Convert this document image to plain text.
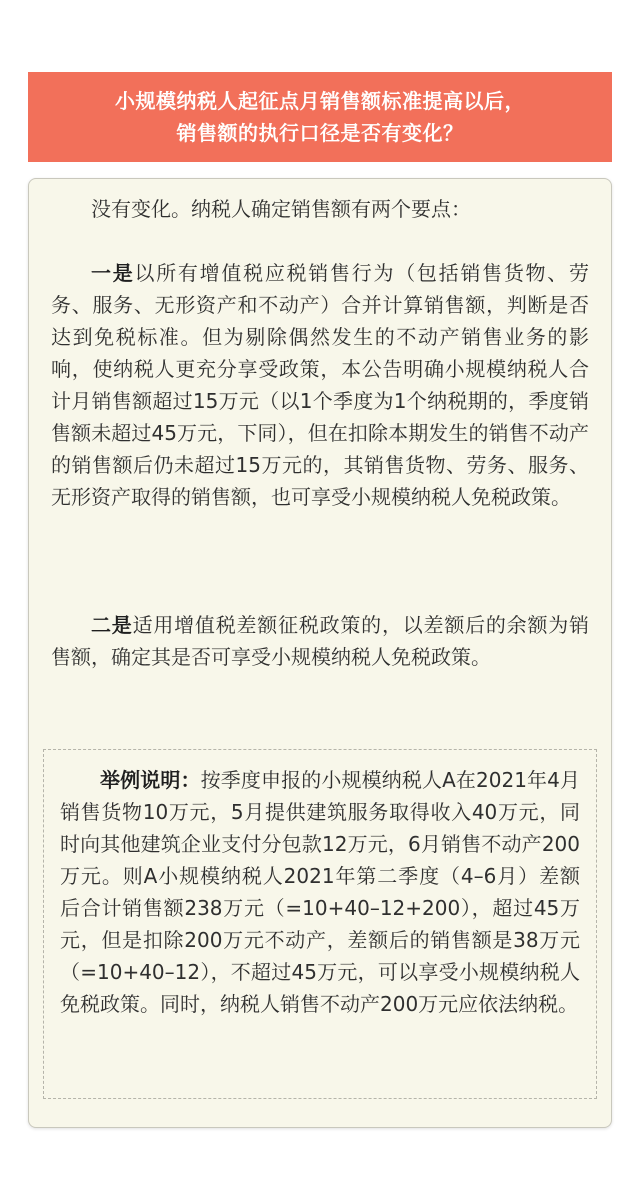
小规模纳税人起征点月销售额标准提高以后，
销售额的执行口径是否有变化？

没有变化。纳税人确定销售额有两个要点：

一是以所有增值税应税销售行为（包括销售货物、劳务、服务、无形资产和不动产）合并计算销售额，判断是否达到免税标准。但为剔除偶然发生的不动产销售业务的影响，使纳税人更充分享受政策，本公告明确小规模纳税人合计月销售额超过15万元（以1个季度为1个纳税期的，季度销售额未超过45万元，下同），但在扣除本期发生的销售不动产的销售额后仍未超过15万元的，其销售货物、劳务、服务、无形资产取得的销售额，也可享受小规模纳税人免税政策。

二是适用增值税差额征税政策的，以差额后的余额为销售额，确定其是否可享受小规模纳税人免税政策。

举例说明：按季度申报的小规模纳税人A在2021年4月销售货物10万元，5月提供建筑服务取得收入40万元，同时向其他建筑企业支付分包款12万元，6月销售不动产200万元。则A小规模纳税人2021年第二季度（4–6月）差额后合计销售额238万元（=10+40–12+200），超过45万元，但是扣除200万元不动产，差额后的销售额是38万元（=10+40–12），不超过45万元，可以享受小规模纳税人免税政策。同时，纳税人销售不动产200万元应依法纳税。
